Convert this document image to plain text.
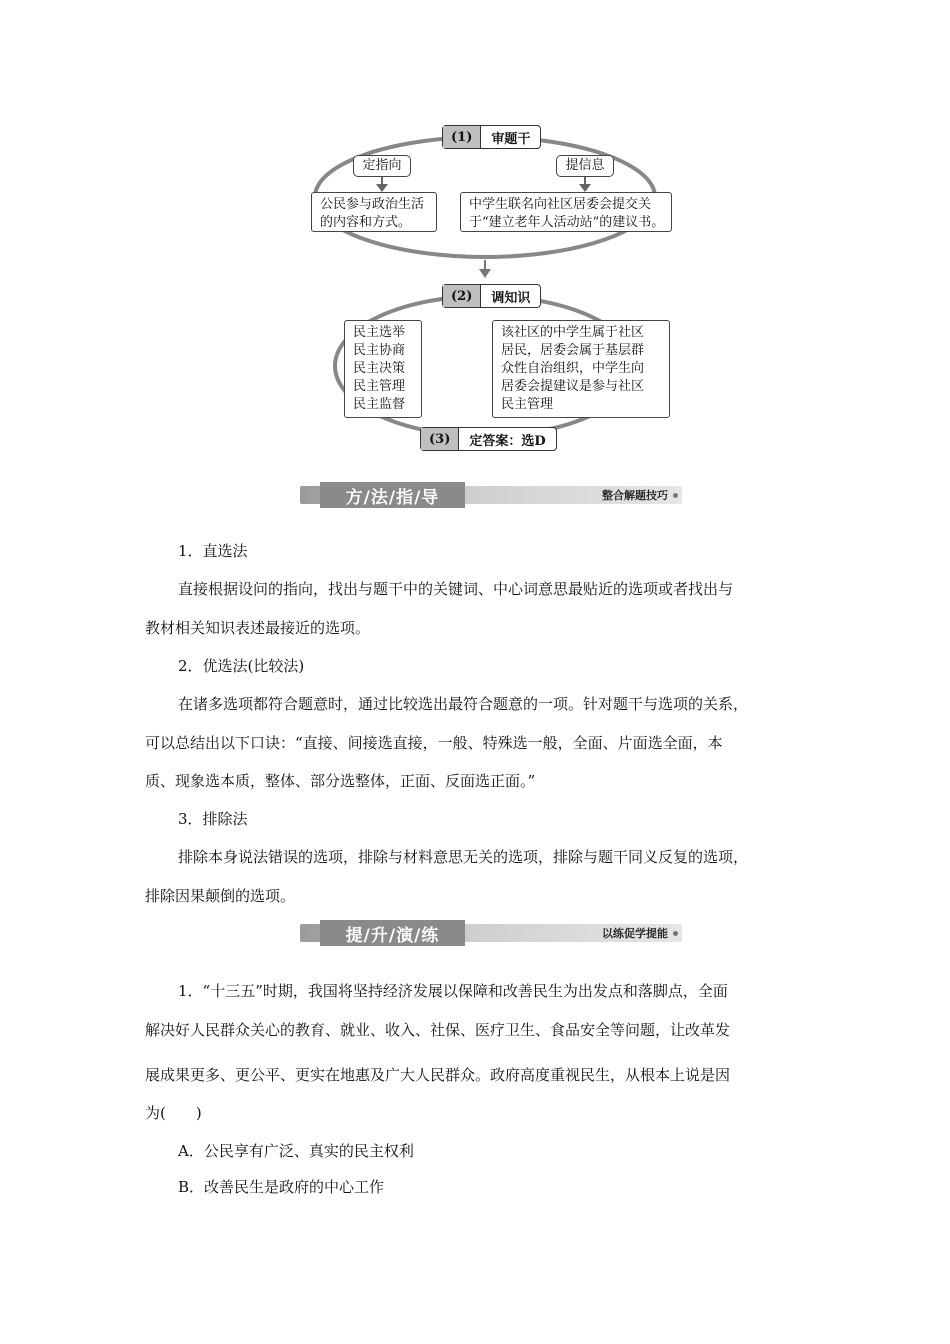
(1)	审题干
定指向	提信息
公民参与政治生活
的内容和方式。
中学生联名向社区居委会提交关
于“建立老年人活动站”的建议书。
(2)	调知识
民主选举
民主协商
民主决策
民主管理
民主监督
该社区的中学生属于社区
居民，居委会属于基层群
众性自治组织，中学生向
居委会提建议是参与社区
民主管理
(3)	定答案：选D
方/法/指/导	整合解题技巧
1．直选法
直接根据设问的指向，找出与题干中的关键词、中心词意思最贴近的选项或者找出与
教材相关知识表述最接近的选项。
2．优选法(比较法)
在诸多选项都符合题意时，通过比较选出最符合题意的一项。针对题干与选项的关系，
可以总结出以下口诀：“直接、间接选直接，一般、特殊选一般，全面、片面选全面，本
质、现象选本质，整体、部分选整体，正面、反面选正面。”
3．排除法
排除本身说法错误的选项，排除与材料意思无关的选项，排除与题干同义反复的选项，
排除因果颠倒的选项。
提/升/演/练	以练促学提能
1．“十三五”时期，我国将坚持经济发展以保障和改善民生为出发点和落脚点，全面
解决好人民群众关心的教育、就业、收入、社保、医疗卫生、食品安全等问题，让改革发
展成果更多、更公平、更实在地惠及广大人民群众。政府高度重视民生，从根本上说是因
为(　　)
A．公民享有广泛、真实的民主权利
B．改善民生是政府的中心工作
